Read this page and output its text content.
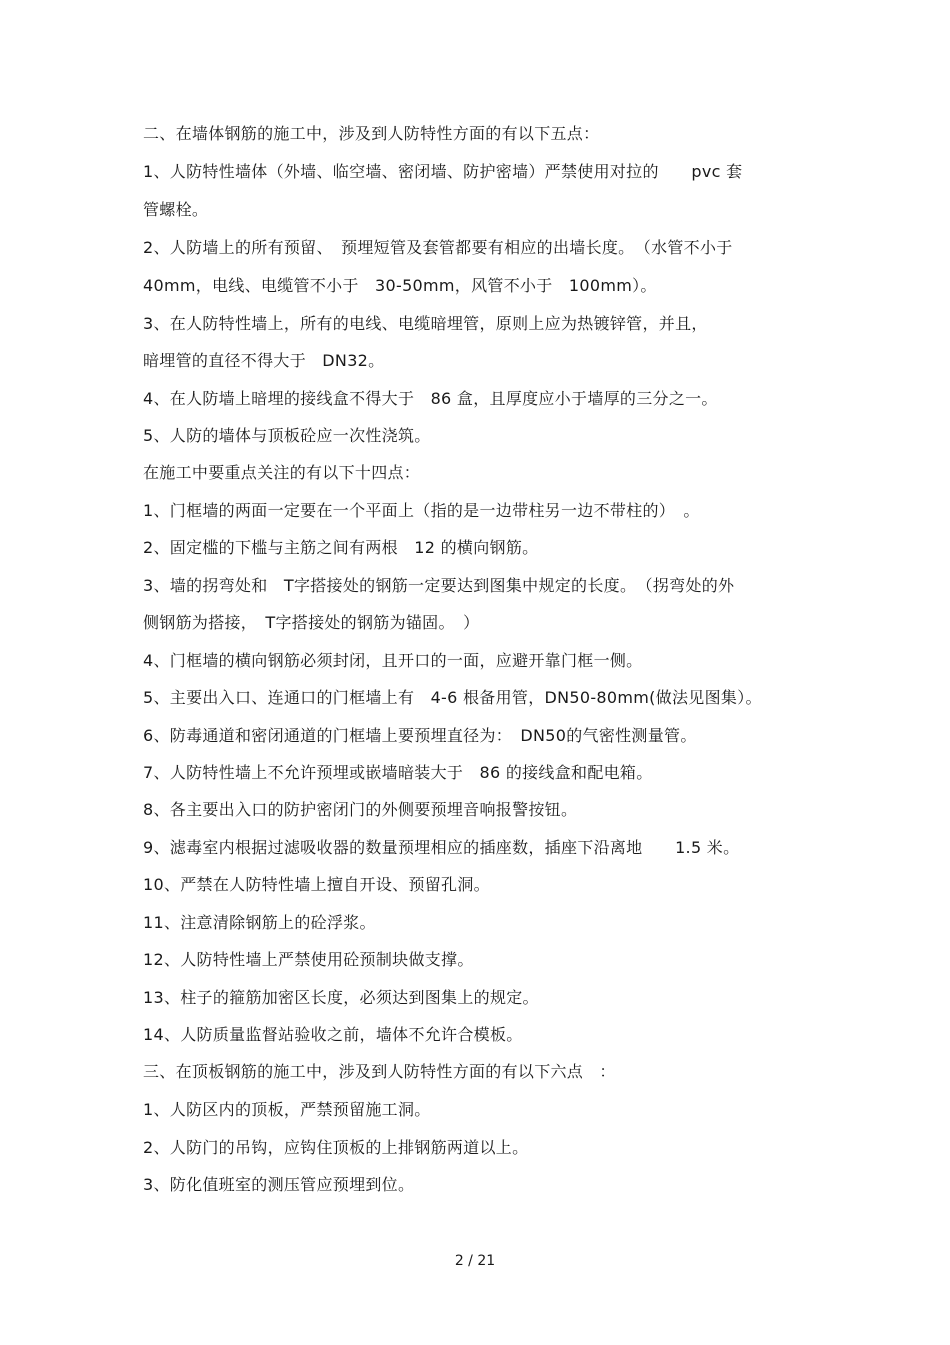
二、在墙体钢筋的施工中，涉及到人防特性方面的有以下五点：
1、人防特性墙体（外墙、临空墙、密闭墙、防护密墙）严禁使用对拉的　　pvc 套
管螺栓。
2、人防墙上的所有预留、　预埋短管及套管都要有相应的出墙长度。　（水管不小于
40mm，电线、电缆管不小于　30-50mm，风管不小于　100mm）。
3、在人防特性墙上，所有的电线、电缆暗埋管，原则上应为热镀锌管，并且，
暗埋管的直径不得大于　DN32。
4、在人防墙上暗埋的接线盒不得大于　86 盒，且厚度应小于墙厚的三分之一。
5、人防的墙体与顶板砼应一次性浇筑。
在施工中要重点关注的有以下十四点：
1、门框墙的两面一定要在一个平面上（指的是一边带柱另一边不带柱的）　。
2、固定槛的下槛与主筋之间有两根　12 的横向钢筋。
3、墙的拐弯处和　T字搭接处的钢筋一定要达到图集中规定的长度。　（拐弯处的外
侧钢筋为搭接，　T字搭接处的钢筋为锚固。　）
4、门框墙的横向钢筋必须封闭，且开口的一面，应避开靠门框一侧。
5、主要出入口、连通口的门框墙上有　4-6 根备用管，DN50-80mm(做法见图集）。
6、防毒通道和密闭通道的门框墙上要预埋直径为：　DN50的气密性测量管。
7、人防特性墙上不允许预埋或嵌墙暗装大于　86 的接线盒和配电箱。
8、各主要出入口的防护密闭门的外侧要预埋音响报警按钮。
9、滤毒室内根据过滤吸收器的数量预埋相应的插座数，插座下沿离地　　1.5 米。
10、严禁在人防特性墙上擅自开设、预留孔洞。
11、注意清除钢筋上的砼浮浆。
12、人防特性墙上严禁使用砼预制块做支撑。
13、柱子的箍筋加密区长度，必须达到图集上的规定。
14、人防质量监督站验收之前，墙体不允许合模板。
三、在顶板钢筋的施工中，涉及到人防特性方面的有以下六点　：
1、人防区内的顶板，严禁预留施工洞。
2、人防门的吊钩，应钩住顶板的上排钢筋两道以上。
3、防化值班室的测压管应预埋到位。
2 / 21
